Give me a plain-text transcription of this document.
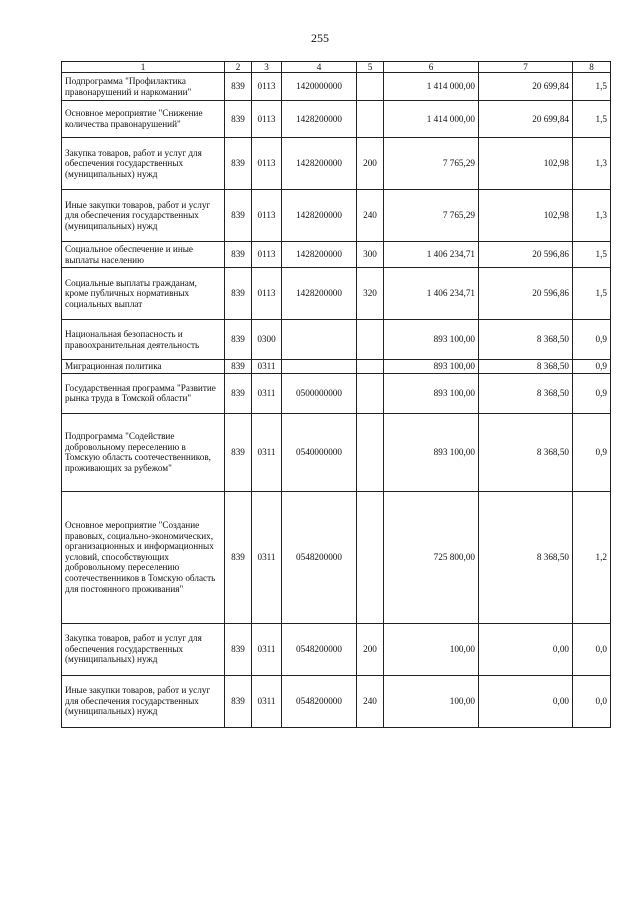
255
1	2	3	4	5	6	7	8
Подпрограмма "Профилактика правонарушений и наркомании"	839	0113	1420000000		1 414 000,00	20 699,84	1,5
Основное мероприятие "Снижение количества правонарушений"	839	0113	1428200000		1 414 000,00	20 699,84	1,5
Закупка товаров, работ и услуг для обеспечения государственных (муниципальных) нужд	839	0113	1428200000	200	7 765,29	102,98	1,3
Иные закупки товаров, работ и услуг для обеспечения государственных (муниципальных) нужд	839	0113	1428200000	240	7 765,29	102,98	1,3
Социальное обеспечение и иные выплаты населению	839	0113	1428200000	300	1 406 234,71	20 596,86	1,5
Социальные выплаты гражданам, кроме публичных нормативных социальных выплат	839	0113	1428200000	320	1 406 234,71	20 596,86	1,5
Национальная безопасность и правоохранительная деятельность	839	0300			893 100,00	8 368,50	0,9
Миграционная политика	839	0311			893 100,00	8 368,50	0,9
Государственная программа "Развитие рынка труда в Томской области"	839	0311	0500000000		893 100,00	8 368,50	0,9
Подпрограмма "Содействие добровольному переселению в Томскую область соотечественников, проживающих за рубежом"	839	0311	0540000000		893 100,00	8 368,50	0,9
Основное мероприятие "Создание правовых, социально-экономических, организационных и информационных условий, способствующих добровольному переселению соотечественников в Томскую область для постоянного проживания"	839	0311	0548200000		725 800,00	8 368,50	1,2
Закупка товаров, работ и услуг для обеспечения государственных (муниципальных) нужд	839	0311	0548200000	200	100,00	0,00	0,0
Иные закупки товаров, работ и услуг для обеспечения государственных (муниципальных) нужд	839	0311	0548200000	240	100,00	0,00	0,0
